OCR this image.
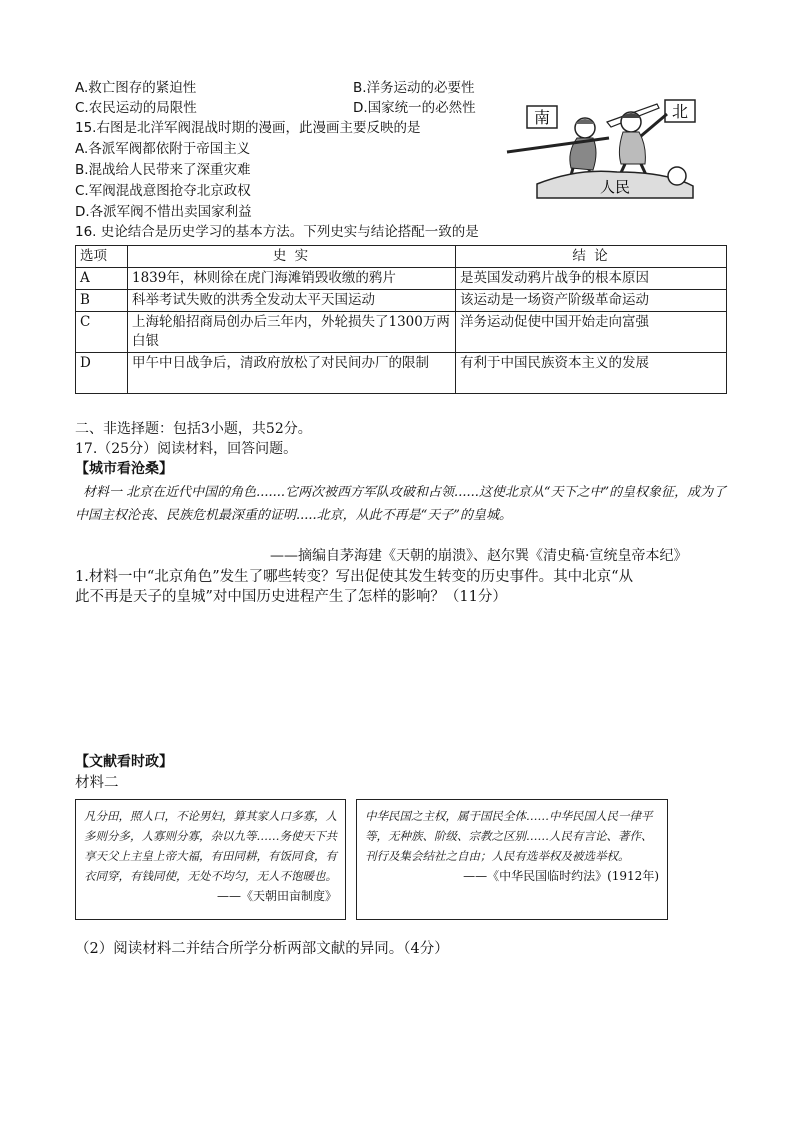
A.救亡图存的紧迫性	B.洋务运动的必要性
C.农民运动的局限性	D.国家统一的必然性
15.右图是北洋军阀混战时期的漫画，此漫画主要反映的是
A.各派军阀都依附于帝国主义
B.混战给人民带来了深重灾难
C.军阀混战意图抢夺北京政权
D.各派军阀不惜出卖国家利益
南	北
人民
16. 史论结合是历史学习的基本方法。下列史实与结论搭配一致的是
选项	史 实	结 论
A	1839年，林则徐在虎门海滩销毁收缴的鸦片	是英国发动鸦片战争的根本原因
B	科举考试失败的洪秀全发动太平天国运动	该运动是一场资产阶级革命运动
C	上海轮船招商局创办后三年内，外轮损失了1300万两白银	洋务运动促使中国开始走向富强
D	甲午中日战争后，清政府放松了对民间办厂的限制	有利于中国民族资本主义的发展
二、非选择题：包括3小题，共52分。
17.（25分）阅读材料，回答问题。
【城市看沧桑】
材料一 北京在近代中国的角色.......它两次被西方军队攻破和占领......这使北京从“天下之中”的皇权象征，成为了中国主权沦丧、民族危机最深重的证明.....北京，从此不再是“天子”的皇城。
——摘编自茅海建《天朝的崩溃》、赵尔巽《清史稿·宣统皇帝本纪》
1.材料一中“北京角色”发生了哪些转变？写出促使其发生转变的历史事件。其中北京“从
此不再是天子的皇城”对中国历史进程产生了怎样的影响？（11分）
【文献看时政】
材料二
凡分田，照人口，不论男妇，算其家人口多寡，人多则分多，人寡则分寡，杂以九等……务使天下共享天父上主皇上帝大福，有田同耕，有饭同食，有衣同穿，有钱同使，无处不均匀，无人不饱暖也。
——《天朝田亩制度》
中华民国之主权，属于国民全体……中华民国人民一律平等，无种族、阶级、宗教之区别……人民有言论、著作、刊行及集会结社之自由；人民有选举权及被选举权。
——《中华民国临时约法》(1912年)
（2）阅读材料二并结合所学分析两部文献的异同。（4分）
